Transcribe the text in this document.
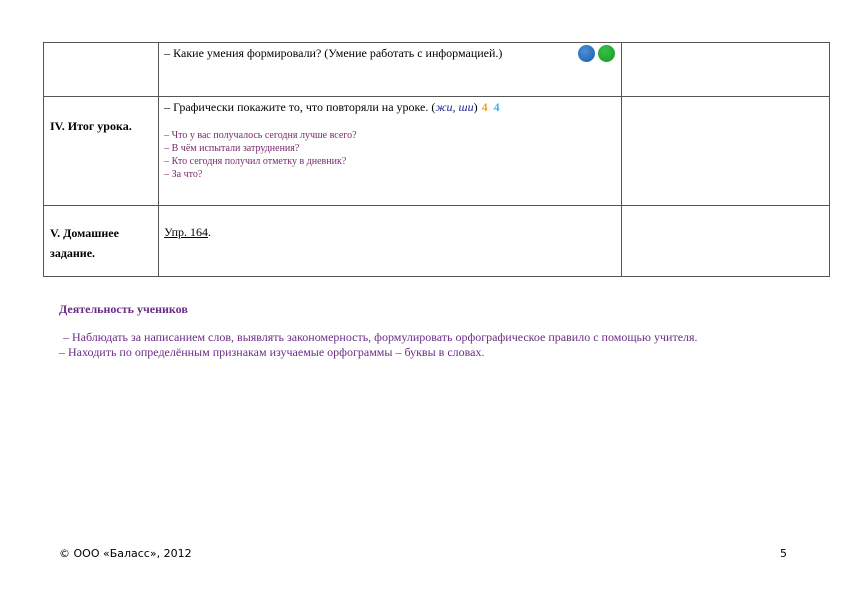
	– Какие умения формировали? (Умение работать с информацией.)

IV. Итог урока.	– Графически покажите то, что повторяли на уроке. (жи, ши) 4 4
– Что у вас получалось сегодня лучше всего?
– В чём испытали затруднения?
– Кто сегодня получил отметку в дневник?
– За что?	

V. Домашнее задание.	Упр. 164.	
Деятельность учеников
– Наблюдать за написанием слов, выявлять закономерность, формулировать орфографическое правило с помощью учителя.
– Находить по определённым признакам изучаемые орфограммы – буквы в словах.
© ООО «Баласс», 2012	5
